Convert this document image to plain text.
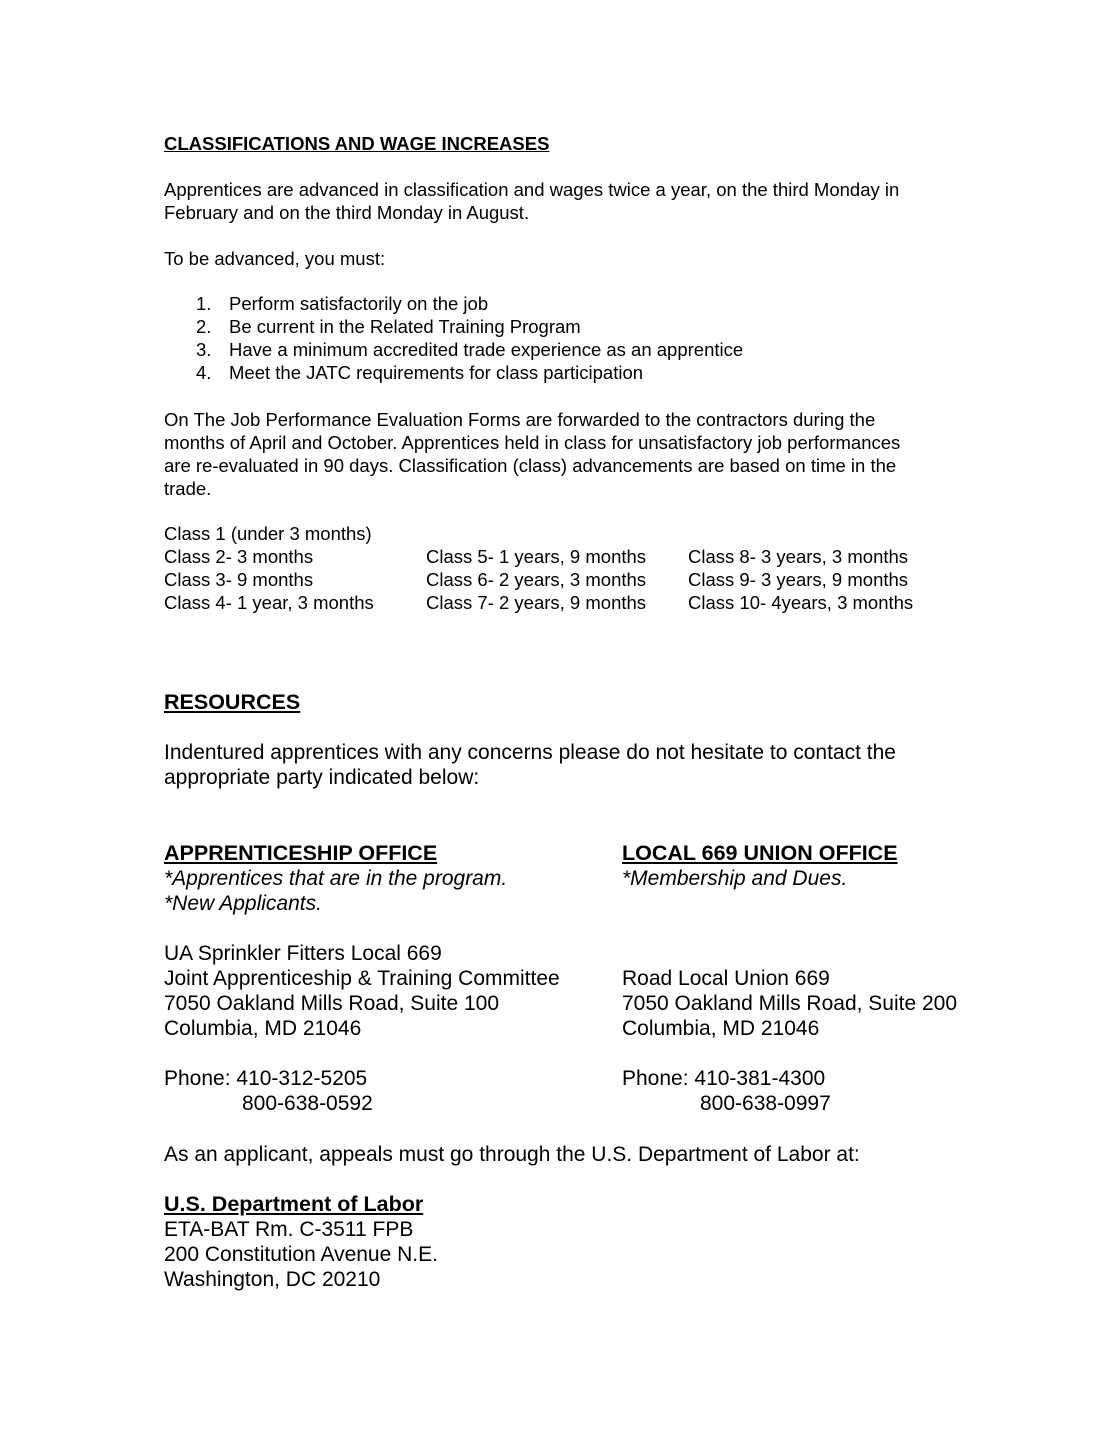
CLASSIFICATIONS AND WAGE INCREASES
Apprentices are advanced in classification and wages twice a year, on the third Monday in
February and on the third Monday in August.
To be advanced, you must:
1. Perform satisfactorily on the job
2. Be current in the Related Training Program
3. Have a minimum accredited trade experience as an apprentice
4. Meet the JATC requirements for class participation
On The Job Performance Evaluation Forms are forwarded to the contractors during the
months of April and October. Apprentices held in class for unsatisfactory job performances
are re-evaluated in 90 days. Classification (class) advancements are based on time in the
trade.
Class 1 (under 3 months)
Class 2- 3 months	Class 5- 1 years, 9 months	Class 8- 3 years, 3 months
Class 3- 9 months	Class 6- 2 years, 3 months	Class 9- 3 years, 9 months
Class 4- 1 year, 3 months	Class 7- 2 years, 9 months	Class 10- 4years, 3 months
RESOURCES
Indentured apprentices with any concerns please do not hesitate to contact the
appropriate party indicated below:
APPRENTICESHIP OFFICE
*Apprentices that are in the program.
*New Applicants.
UA Sprinkler Fitters Local 669
Joint Apprenticeship & Training Committee
7050 Oakland Mills Road, Suite 100
Columbia, MD 21046
Phone: 410-312-5205
800-638-0592
LOCAL 669 UNION OFFICE
*Membership and Dues.
Road Local Union 669
7050 Oakland Mills Road, Suite 200
Columbia, MD 21046
Phone: 410-381-4300
800-638-0997
As an applicant, appeals must go through the U.S. Department of Labor at:
U.S. Department of Labor
ETA-BAT Rm. C-3511 FPB
200 Constitution Avenue N.E.
Washington, DC 20210
